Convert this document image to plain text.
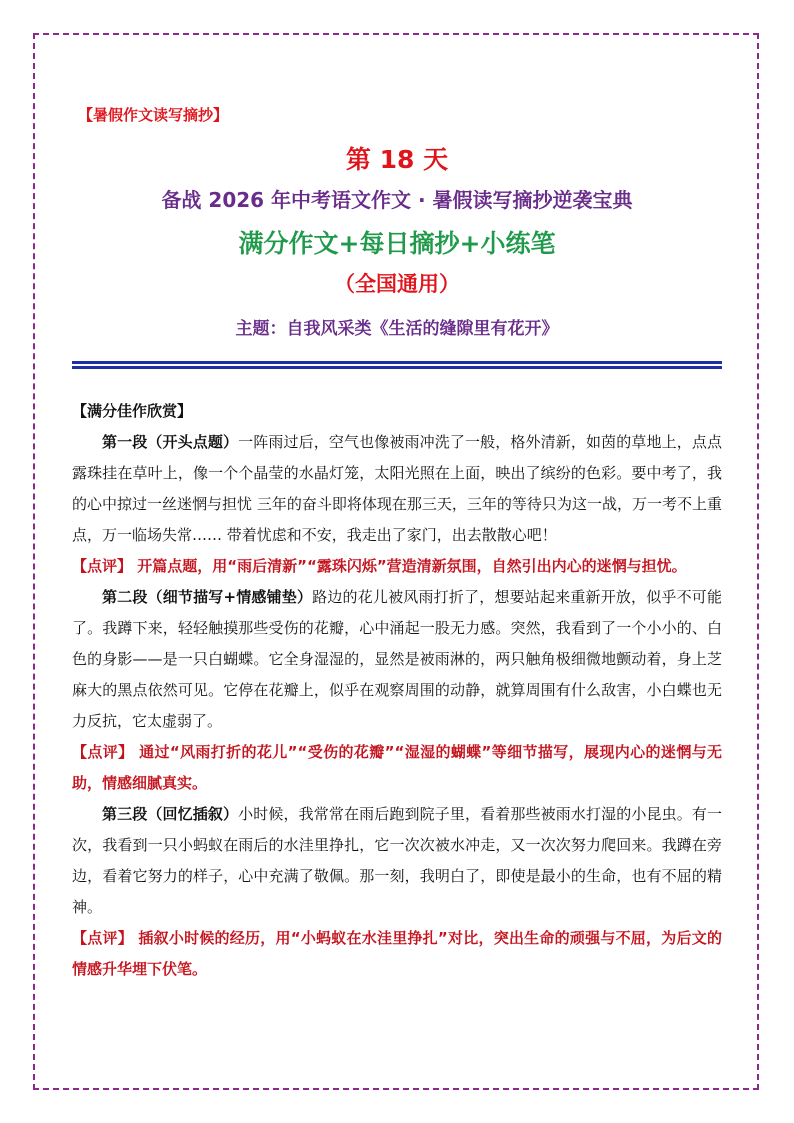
【暑假作文读写摘抄】
第 18 天
备战 2026 年中考语文作文 · 暑假读写摘抄逆袭宝典
满分作文+每日摘抄+小练笔
（全国通用）
主题：自我风采类《生活的缝隙里有花开》

【满分佳作欣赏】

第一段（开头点题）一阵雨过后，空气也像被雨冲洗了一般，格外清新，如茵的草地上，点点露珠挂在草叶上，像一个个晶莹的水晶灯笼，太阳光照在上面，映出了缤纷的色彩。要中考了，我的心中掠过一丝迷惘与担忧 三年的奋斗即将体现在那三天，三年的等待只为这一战，万一考不上重点，万一临场失常…… 带着忧虑和不安，我走出了家门，出去散散心吧！

【点评】 开篇点题，用“雨后清新”“露珠闪烁”营造清新氛围，自然引出内心的迷惘与担忧。

第二段（细节描写+情感铺垫）路边的花儿被风雨打折了，想要站起来重新开放，似乎不可能了。我蹲下来，轻轻触摸那些受伤的花瓣，心中涌起一股无力感。突然，我看到了一个小小的、白色的身影——是一只白蝴蝶。它全身湿湿的，显然是被雨淋的，两只触角极细微地颤动着，身上芝麻大的黑点依然可见。它停在花瓣上，似乎在观察周围的动静，就算周围有什么敌害，小白蝶也无力反抗，它太虚弱了。

【点评】 通过“风雨打折的花儿”“受伤的花瓣”“湿湿的蝴蝶”等细节描写，展现内心的迷惘与无助，情感细腻真实。

第三段（回忆插叙）小时候，我常常在雨后跑到院子里，看着那些被雨水打湿的小昆虫。有一次，我看到一只小蚂蚁在雨后的水洼里挣扎，它一次次被水冲走，又一次次努力爬回来。我蹲在旁边，看着它努力的样子，心中充满了敬佩。那一刻，我明白了，即使是最小的生命，也有不屈的精神。

【点评】 插叙小时候的经历，用“小蚂蚁在水洼里挣扎”对比，突出生命的顽强与不屈，为后文的情感升华埋下伏笔。
